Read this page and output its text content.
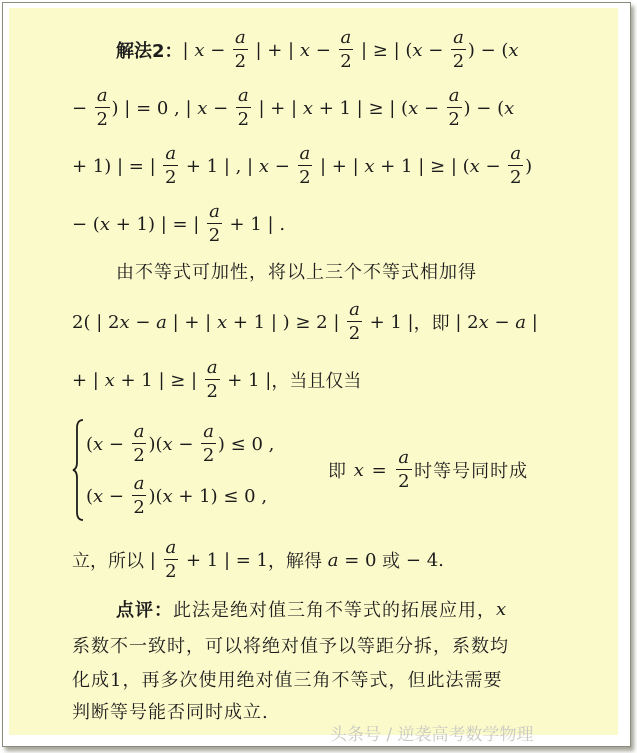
解法2： | $x - \frac{a}{2}$ | + | $x - \frac{a}{2}$ | ≥ | ($x - \frac{a}{2}$ ) − (x
− $\frac{a}{2}$ ) | = 0 , | $x - \frac{a}{2}$ | + | x + 1 | ≥ | ($x - \frac{a}{2}$ ) − (x
+ 1) | = | $\frac{a}{2} + 1$ | , | $x - \frac{a}{2}$ | + | x + 1 | ≥ | ($x - \frac{a}{2}$ )
− (x + 1) | = | $\frac{a}{2} + 1$ | .
由不等式可加性，将以上三个不等式相加得
2( | 2x − a | + | x + 1 | ) ≥ 2 | $\frac{a}{2} + 1$ | ，即 | 2x − a |
+ | x + 1 | ≥ | $\frac{a}{2} + 1$ | ，当且仅当
$(x - \frac{a}{2} )(x - \frac{a}{2}$ ) ≤ 0 ,
$(x - \frac{a}{2} )(x + 1) \le 0$ ,
即 $x = \frac{a}{2}$ 时等号同时成
立，所以 | $\frac{a}{2} + 1$ | = 1 ，解得 a = 0 或 − 4.
点评： 此法是绝对值三角不等式的拓展应用， x
系数不一致时，可以将绝对值予以等距分拆，系数均
化成1，再多次使用绝对值三角不等式，但此法需要
判断等号能否同时成立.
头条号 / 逆袭高考数学物理
